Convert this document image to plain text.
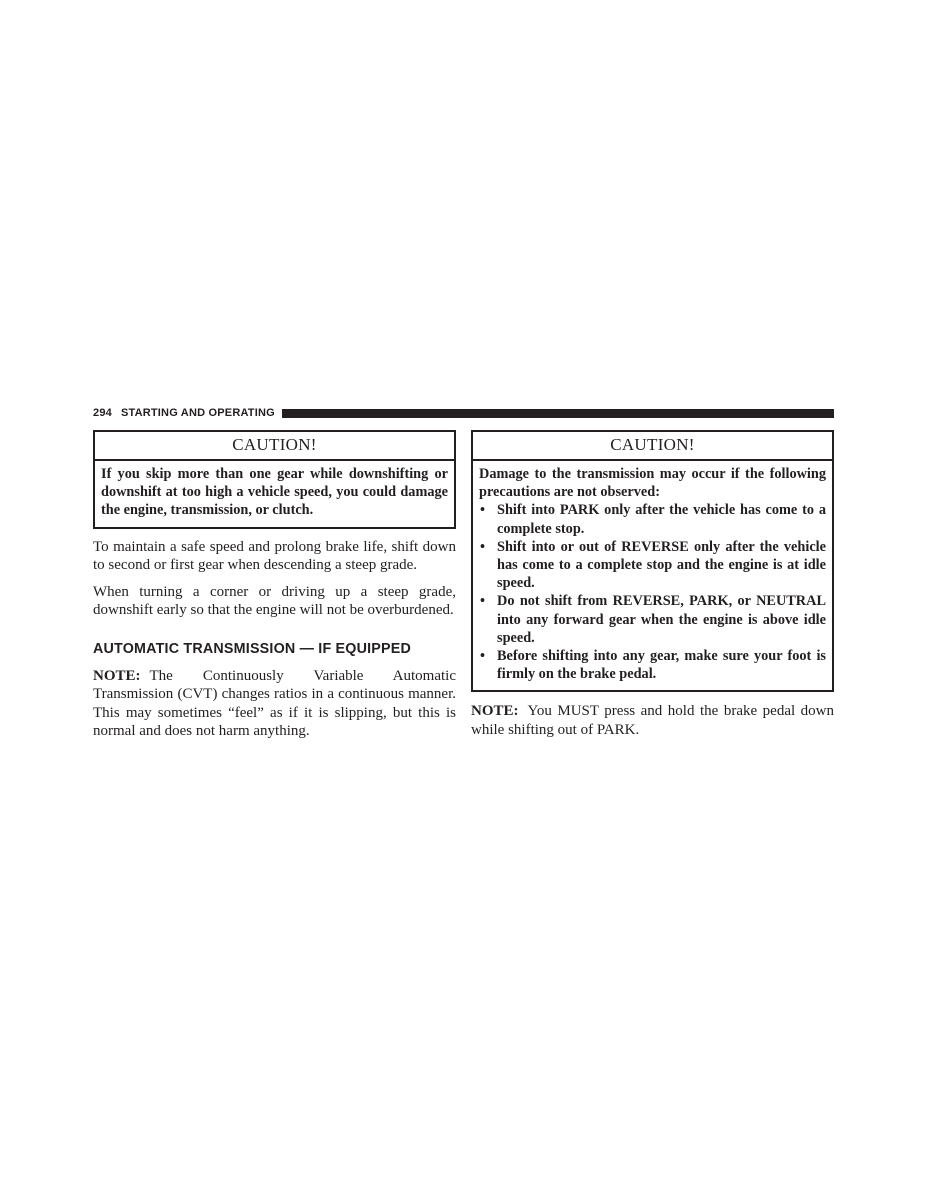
294 STARTING AND OPERATING
CAUTION!
If you skip more than one gear while downshifting or downshift at too high a vehicle speed, you could damage the engine, transmission, or clutch.

To maintain a safe speed and prolong brake life, shift down to second or first gear when descending a steep grade.

When turning a corner or driving up a steep grade, downshift early so that the engine will not be overburdened.

AUTOMATIC TRANSMISSION — IF EQUIPPED

NOTE: The Continuously Variable Automatic Transmission (CVT) changes ratios in a continuous manner. This may sometimes “feel” as if it is slipping, but this is normal and does not harm anything.

CAUTION!
Damage to the transmission may occur if the following precautions are not observed:
• Shift into PARK only after the vehicle has come to a complete stop.
• Shift into or out of REVERSE only after the vehicle has come to a complete stop and the engine is at idle speed.
• Do not shift from REVERSE, PARK, or NEUTRAL into any forward gear when the engine is above idle speed.
• Before shifting into any gear, make sure your foot is firmly on the brake pedal.

NOTE: You MUST press and hold the brake pedal down while shifting out of PARK.
